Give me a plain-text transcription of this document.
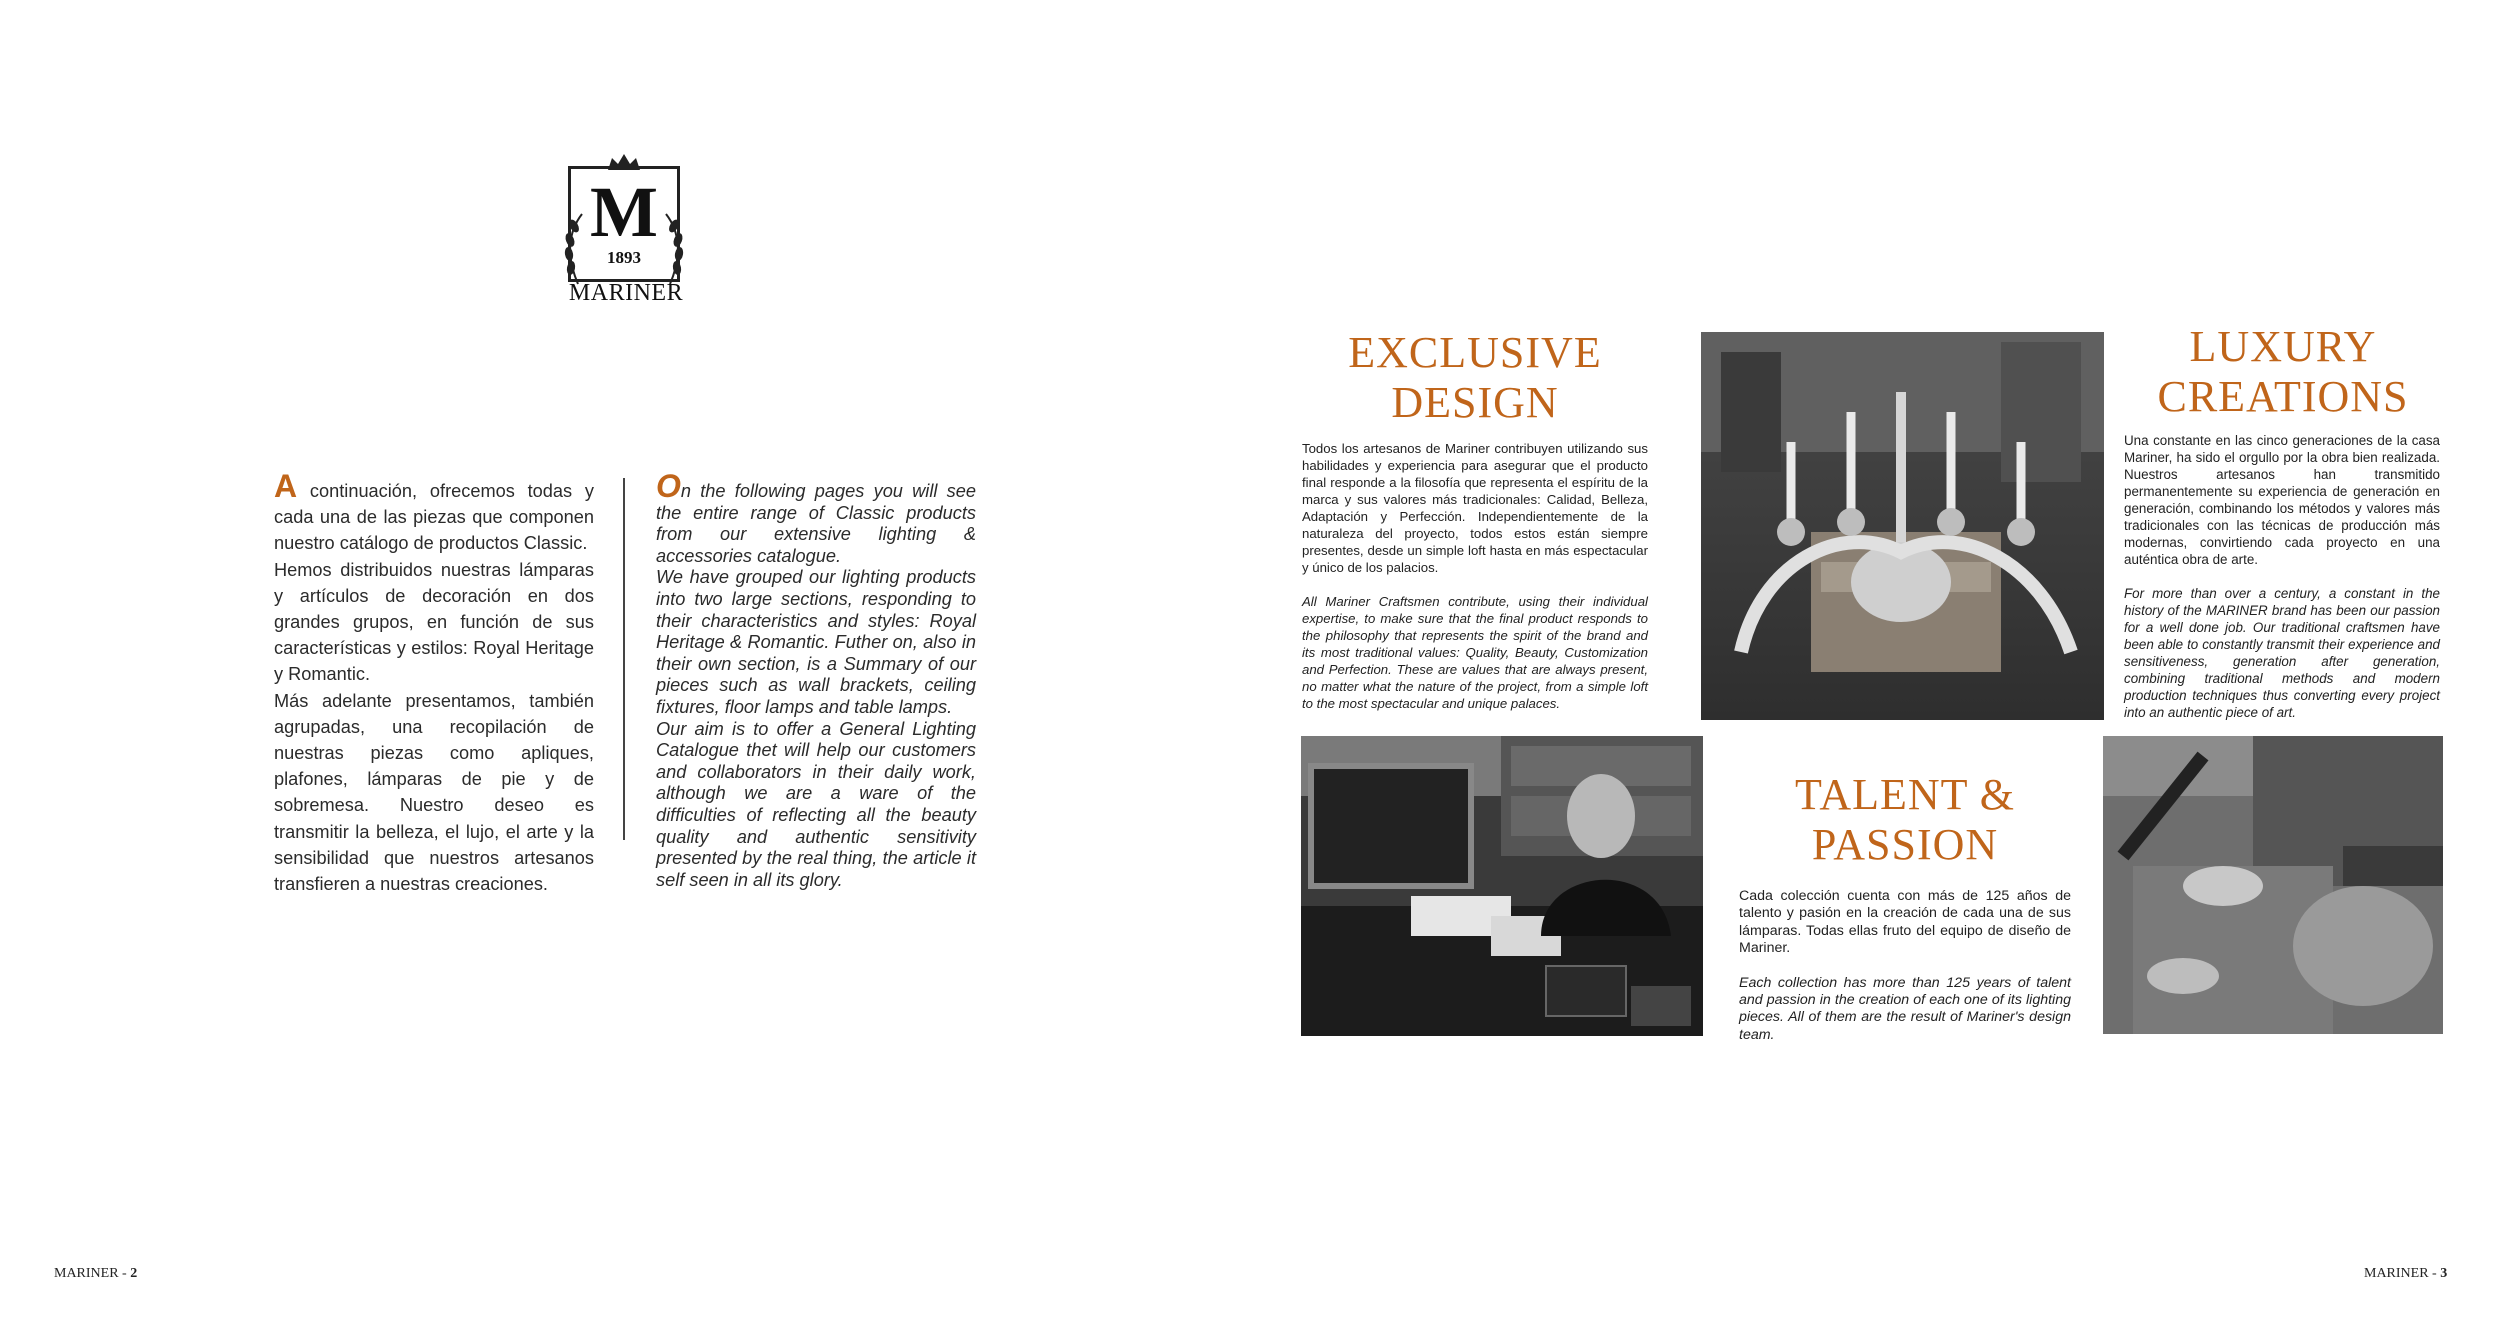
M
1893
MARINER
A continuación, ofrecemos todas y cada una de las piezas que componen nuestro catálogo de productos Classic.
Hemos distribuidos nuestras lámparas y artículos de decoración en dos grandes grupos, en función de sus características y estilos: Royal Heritage y Romantic.
Más adelante presentamos, también agrupadas, una recopilación de nuestras piezas como apliques, plafones, lámparas de pie y de sobremesa. Nuestro deseo es transmitir la belleza, el lujo, el arte y la sensibilidad que nuestros artesanos transfieren a nuestras creaciones.
On the following pages you will see the entire range of Classic products from our extensive lighting & accessories catalogue.
We have grouped our lighting products into two large sections, responding to their characteristics and styles: Royal Heritage & Romantic. Futher on, also in their own section, is a Summary of our pieces such as wall brackets, ceiling fixtures, floor lamps and table lamps.
Our aim is to offer a General Lighting Catalogue thet will help our customers and collaborators in their daily work, although we are a ware of the difficulties of reflecting all the beauty quality and authentic sensitivity presented by the real thing, the article it self seen in all its glory.
EXCLUSIVE
DESIGN

Todos los artesanos de Mariner contribuyen utilizando sus habilidades y experiencia para asegurar que el producto final responde a la filosofía que representa el espíritu de la marca y sus valores más tradicionales: Calidad, Belleza, Adaptación y Perfección. Independientemente de la naturaleza del proyecto, todos estos están siempre presentes, desde un simple loft hasta en más espectacular y único de los palacios.

All Mariner Craftsmen contribute, using their individual expertise, to make sure that the final product responds to the philosophy that represents the spirit of the brand and its most traditional values: Quality, Beauty, Customization and Perfection. These are values that are always present, no matter what the nature of the project, from a simple loft to the most spectacular and unique palaces.

LUXURY
CREATIONS

Una constante en las cinco generaciones de la casa Mariner, ha sido el orgullo por la obra bien realizada. Nuestros artesanos han transmitido permanentemente su experiencia de generación en generación, combinando los métodos y valores más tradicionales con las técnicas de producción más modernas, convirtiendo cada proyecto en una auténtica obra de arte.

For more than over a century, a constant in the history of the MARINER brand has been our passion for a well done job. Our traditional craftsmen have been able to constantly transmit their experience and sensitiveness, generation after generation, combining traditional methods and modern production techniques thus converting every project into an authentic piece of art.

TALENT &
PASSION

Cada colección cuenta con más de 125 años de talento y pasión en la creación de cada una de sus lámparas. Todas ellas fruto del equipo de diseño de Mariner.

Each collection has more than 125 years of talent and passion in the creation of each one of its lighting pieces. All of them are the result of Mariner's design team.

MARINER - 2	MARINER - 3
